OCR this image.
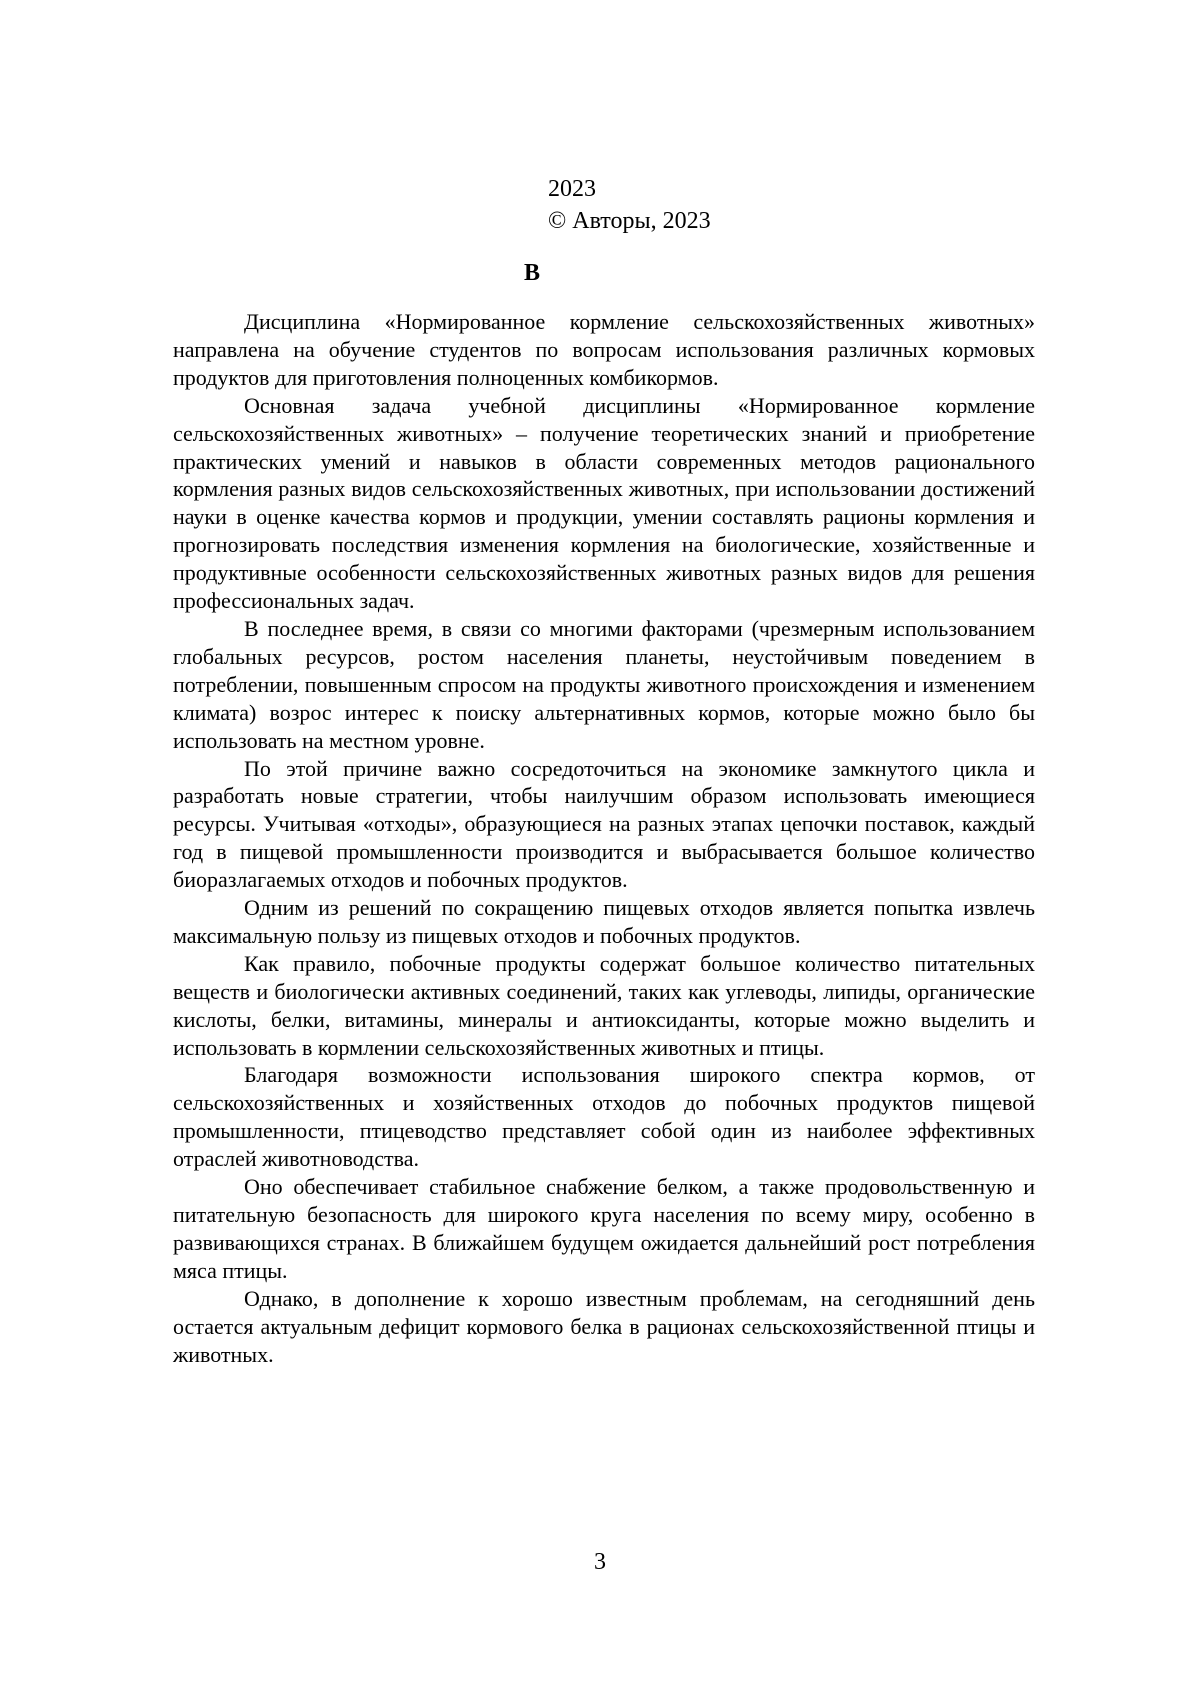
2023
© Авторы, 2023
В

Дисциплина «Нормированное кормление сельскохозяйственных животных» направлена на обучение студентов по вопросам использования различных кормовых продуктов для приготовления полноценных комбикормов.

Основная задача учебной дисциплины «Нормированное кормление сельскохозяйственных животных» – получение теоретических знаний и приобретение практических умений и навыков в области современных методов рационального кормления разных видов сельскохозяйственных животных, при использовании достижений науки в оценке качества кормов и продукции, умении составлять рационы кормления и прогнозировать последствия изменения кормления на биологические, хозяйственные и продуктивные особенности сельскохозяйственных животных разных видов для решения профессиональных задач.

В последнее время, в связи со многими факторами (чрезмерным использованием глобальных ресурсов, ростом населения планеты, неустойчивым поведением в потреблении, повышенным спросом на продукты животного происхождения и изменением климата) возрос интерес к поиску альтернативных кормов, которые можно было бы использовать на местном уровне.

По этой причине важно сосредоточиться на экономике замкнутого цикла и разработать новые стратегии, чтобы наилучшим образом использовать имеющиеся ресурсы. Учитывая «отходы», образующиеся на разных этапах цепочки поставок, каждый год в пищевой промышленности производится и выбрасывается большое количество биоразлагаемых отходов и побочных продуктов.

Одним из решений по сокращению пищевых отходов является попытка извлечь максимальную пользу из пищевых отходов и побочных продуктов.

Как правило, побочные продукты содержат большое количество питательных веществ и биологически активных соединений, таких как углеводы, липиды, органические кислоты, белки, витамины, минералы и антиоксиданты, которые можно выделить и использовать в кормлении сельскохозяйственных животных и птицы.

Благодаря возможности использования широкого спектра кормов, от сельскохозяйственных и хозяйственных отходов до побочных продуктов пищевой промышленности, птицеводство представляет собой один из наиболее эффективных отраслей животноводства.

Оно обеспечивает стабильное снабжение белком, а также продовольственную и питательную безопасность для широкого круга населения по всему миру, особенно в развивающихся странах. В ближайшем будущем ожидается дальнейший рост потребления мяса птицы.

Однако, в дополнение к хорошо известным проблемам, на сегодняшний день остается актуальным дефицит кормового белка в рационах сельскохозяйственной птицы и животных.

3
